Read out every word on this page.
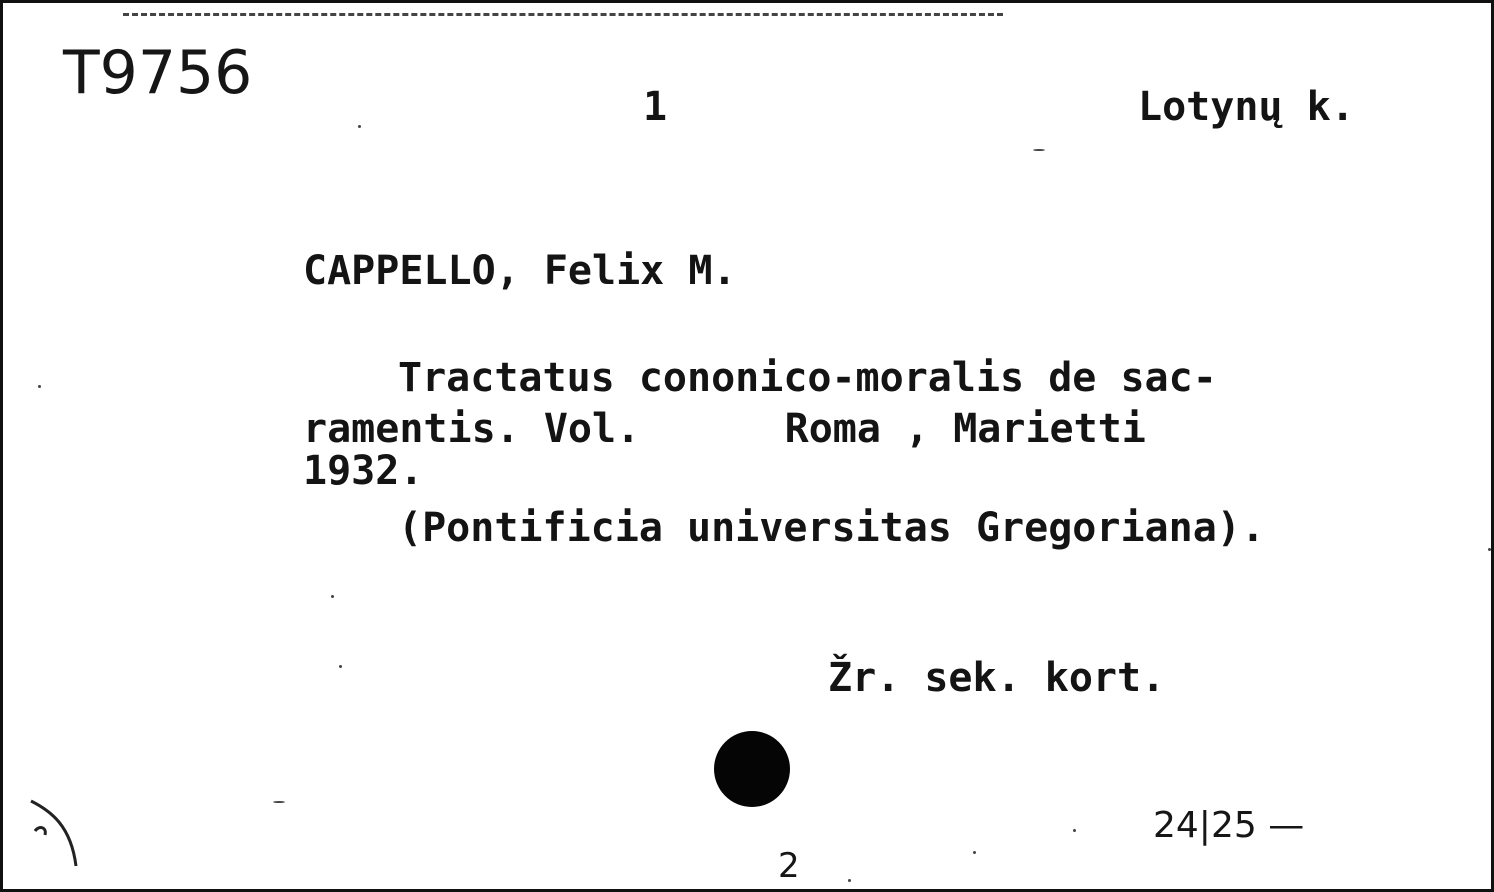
T9756	1	Lotynų k.
CAPPELLO, Felix M.
Tractatus cononico-moralis de sac-
ramentis. Vol.      Roma , Marietti
1932.
(Pontificia universitas Gregoriana).
Žr. sek. kort.
24|25 —
2
